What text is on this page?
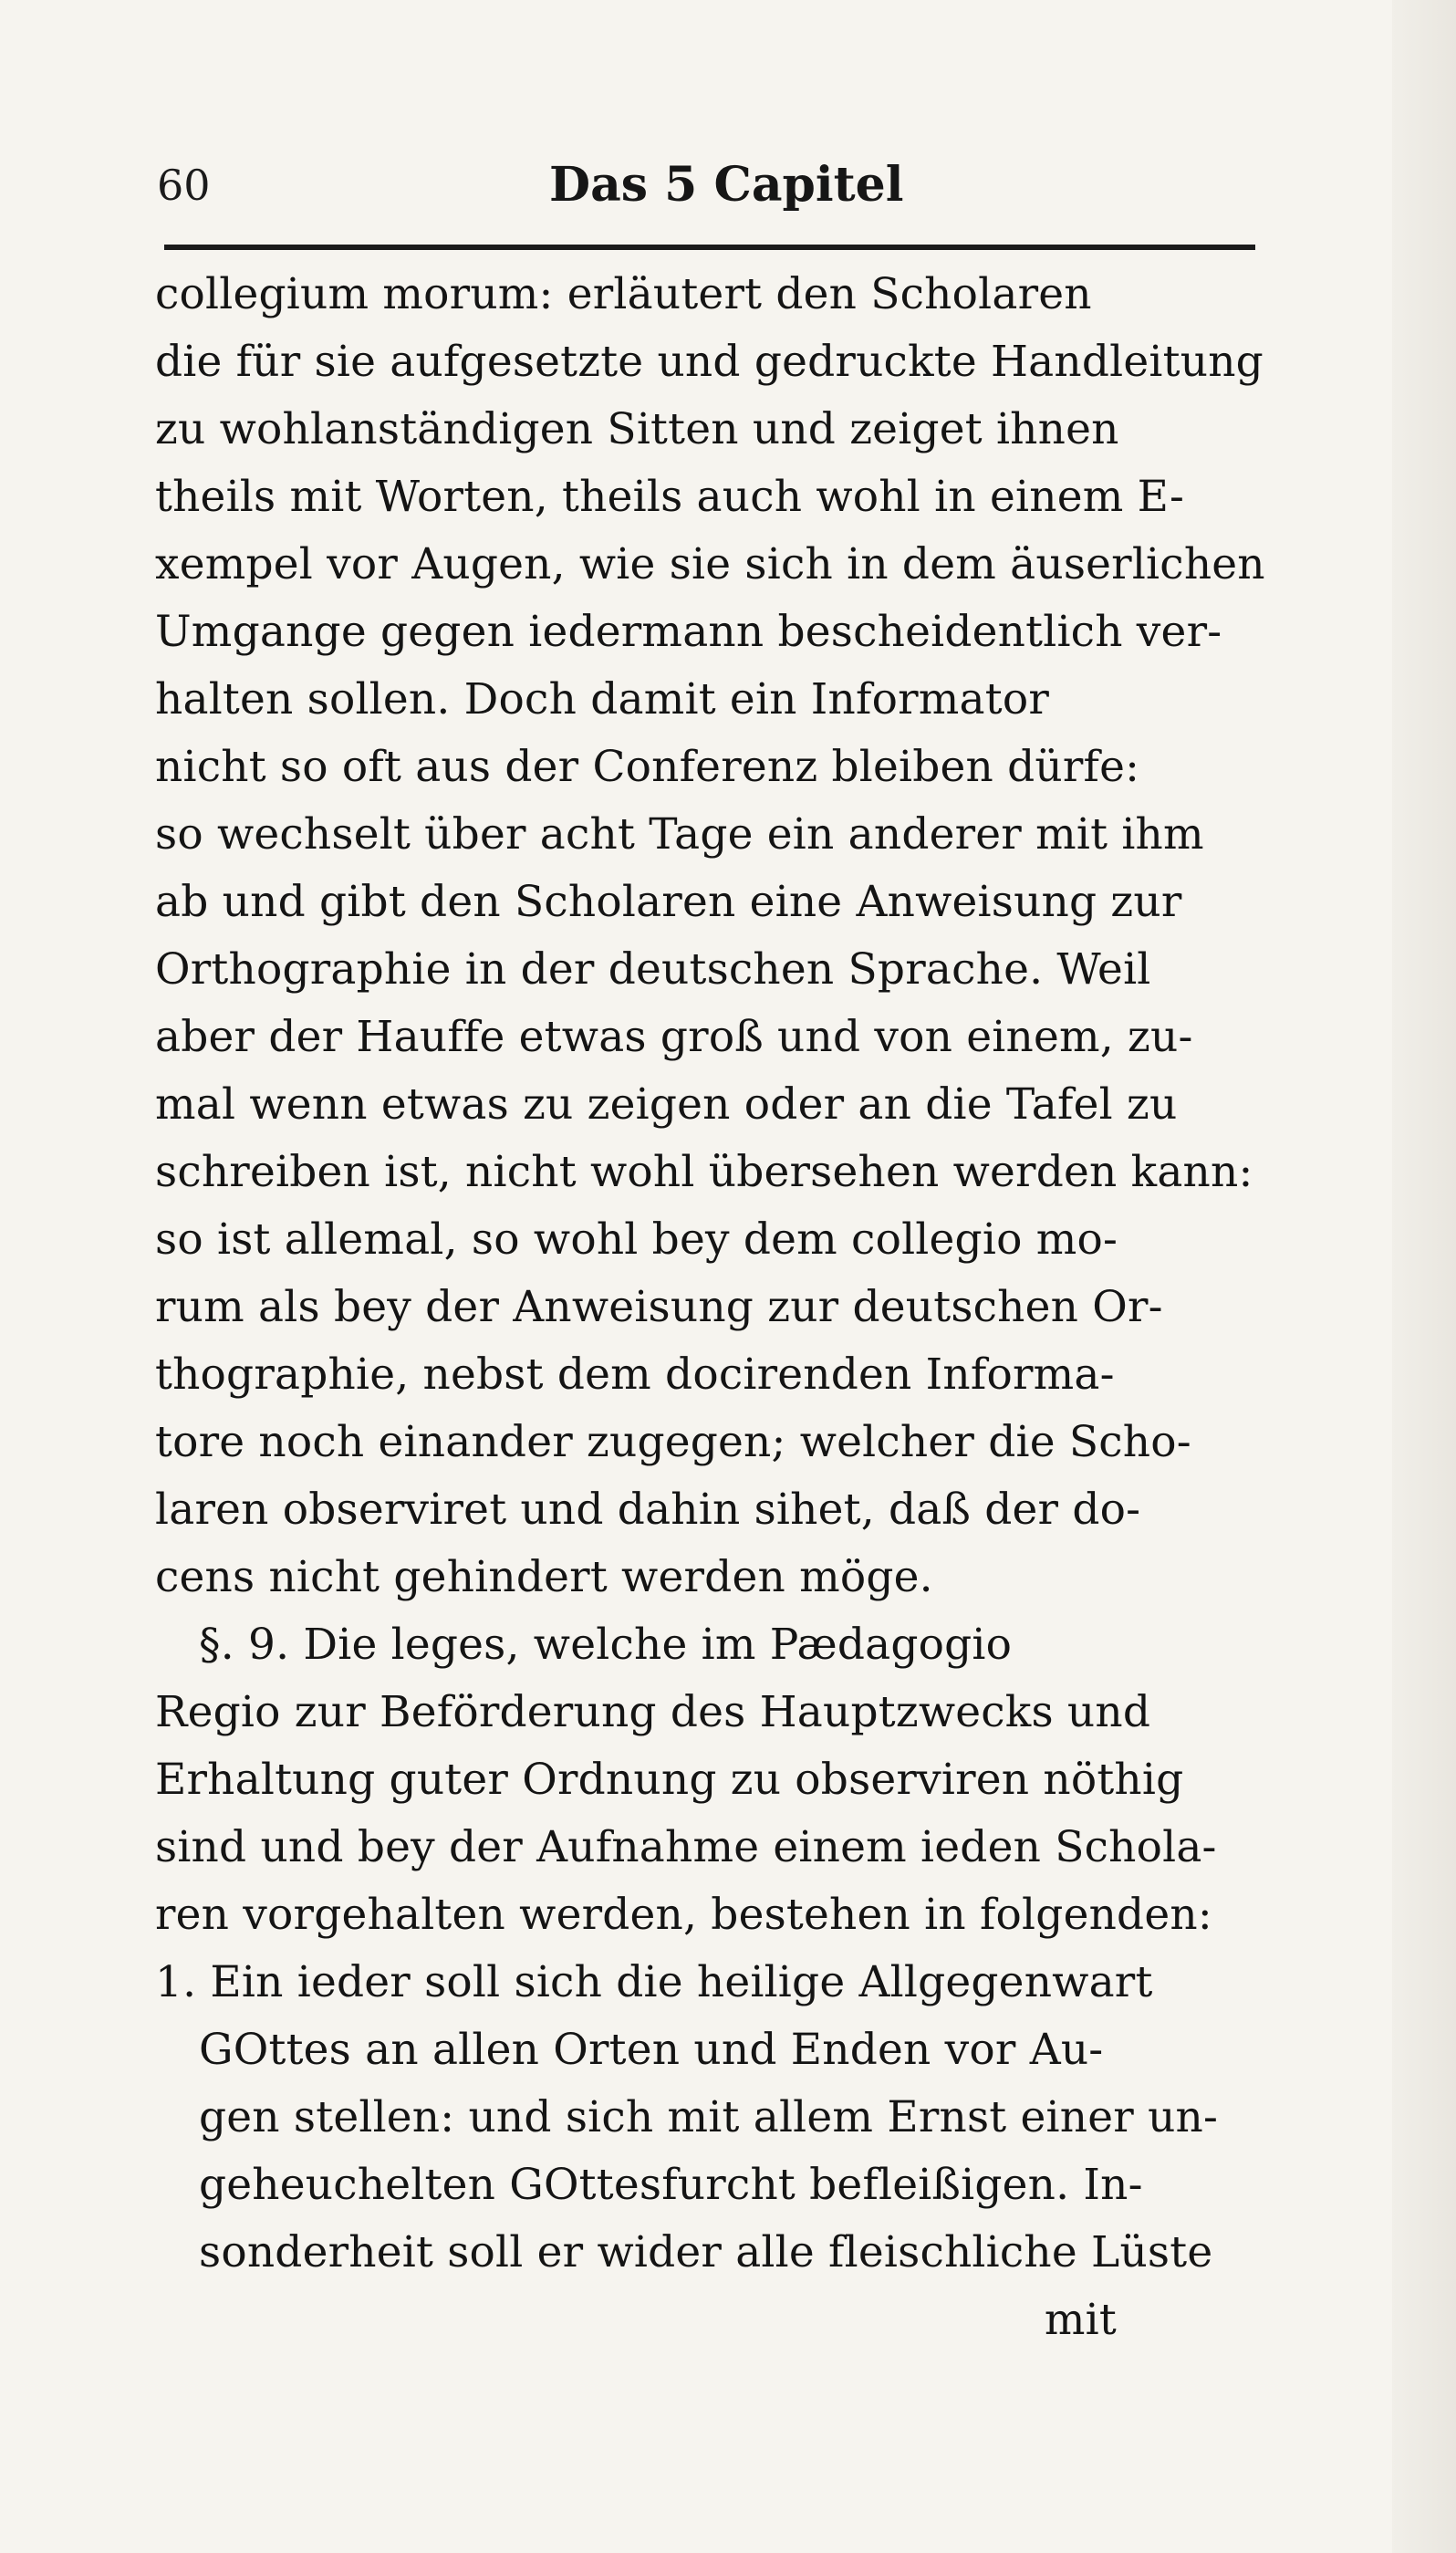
60	Das 5 Capitel
collegium morum: erläutert den Scholaren
die für sie aufgesetzte und gedruckte Handleitung
zu wohlanständigen Sitten und zeiget ihnen
theils mit Worten, theils auch wohl in einem E-
xempel vor Augen, wie sie sich in dem äuserlichen
Umgange gegen iedermann bescheidentlich ver-
halten sollen. Doch damit ein Informator
nicht so oft aus der Conferenz bleiben dürfe:
so wechselt über acht Tage ein anderer mit ihm
ab und gibt den Scholaren eine Anweisung zur
Orthographie in der deutschen Sprache. Weil
aber der Hauffe etwas groß und von einem, zu-
mal wenn etwas zu zeigen oder an die Tafel zu
schreiben ist, nicht wohl übersehen werden kann:
so ist allemal, so wohl bey dem collegio mo-
rum als bey der Anweisung zur deutschen Or-
thographie, nebst dem docirenden Informa-
tore noch einander zugegen; welcher die Scho-
laren observiret und dahin sihet, daß der do-
cens nicht gehindert werden möge.
§. 9. Die leges, welche im Pædagogio
Regio zur Beförderung des Hauptzwecks und
Erhaltung guter Ordnung zu observiren nöthig
sind und bey der Aufnahme einem ieden Schola-
ren vorgehalten werden, bestehen in folgenden:
1. Ein ieder soll sich die heilige Allgegenwart
GOttes an allen Orten und Enden vor Au-
gen stellen: und sich mit allem Ernst einer un-
geheuchelten GOttesfurcht befleißigen. In-
sonderheit soll er wider alle fleischliche Lüste
mit
